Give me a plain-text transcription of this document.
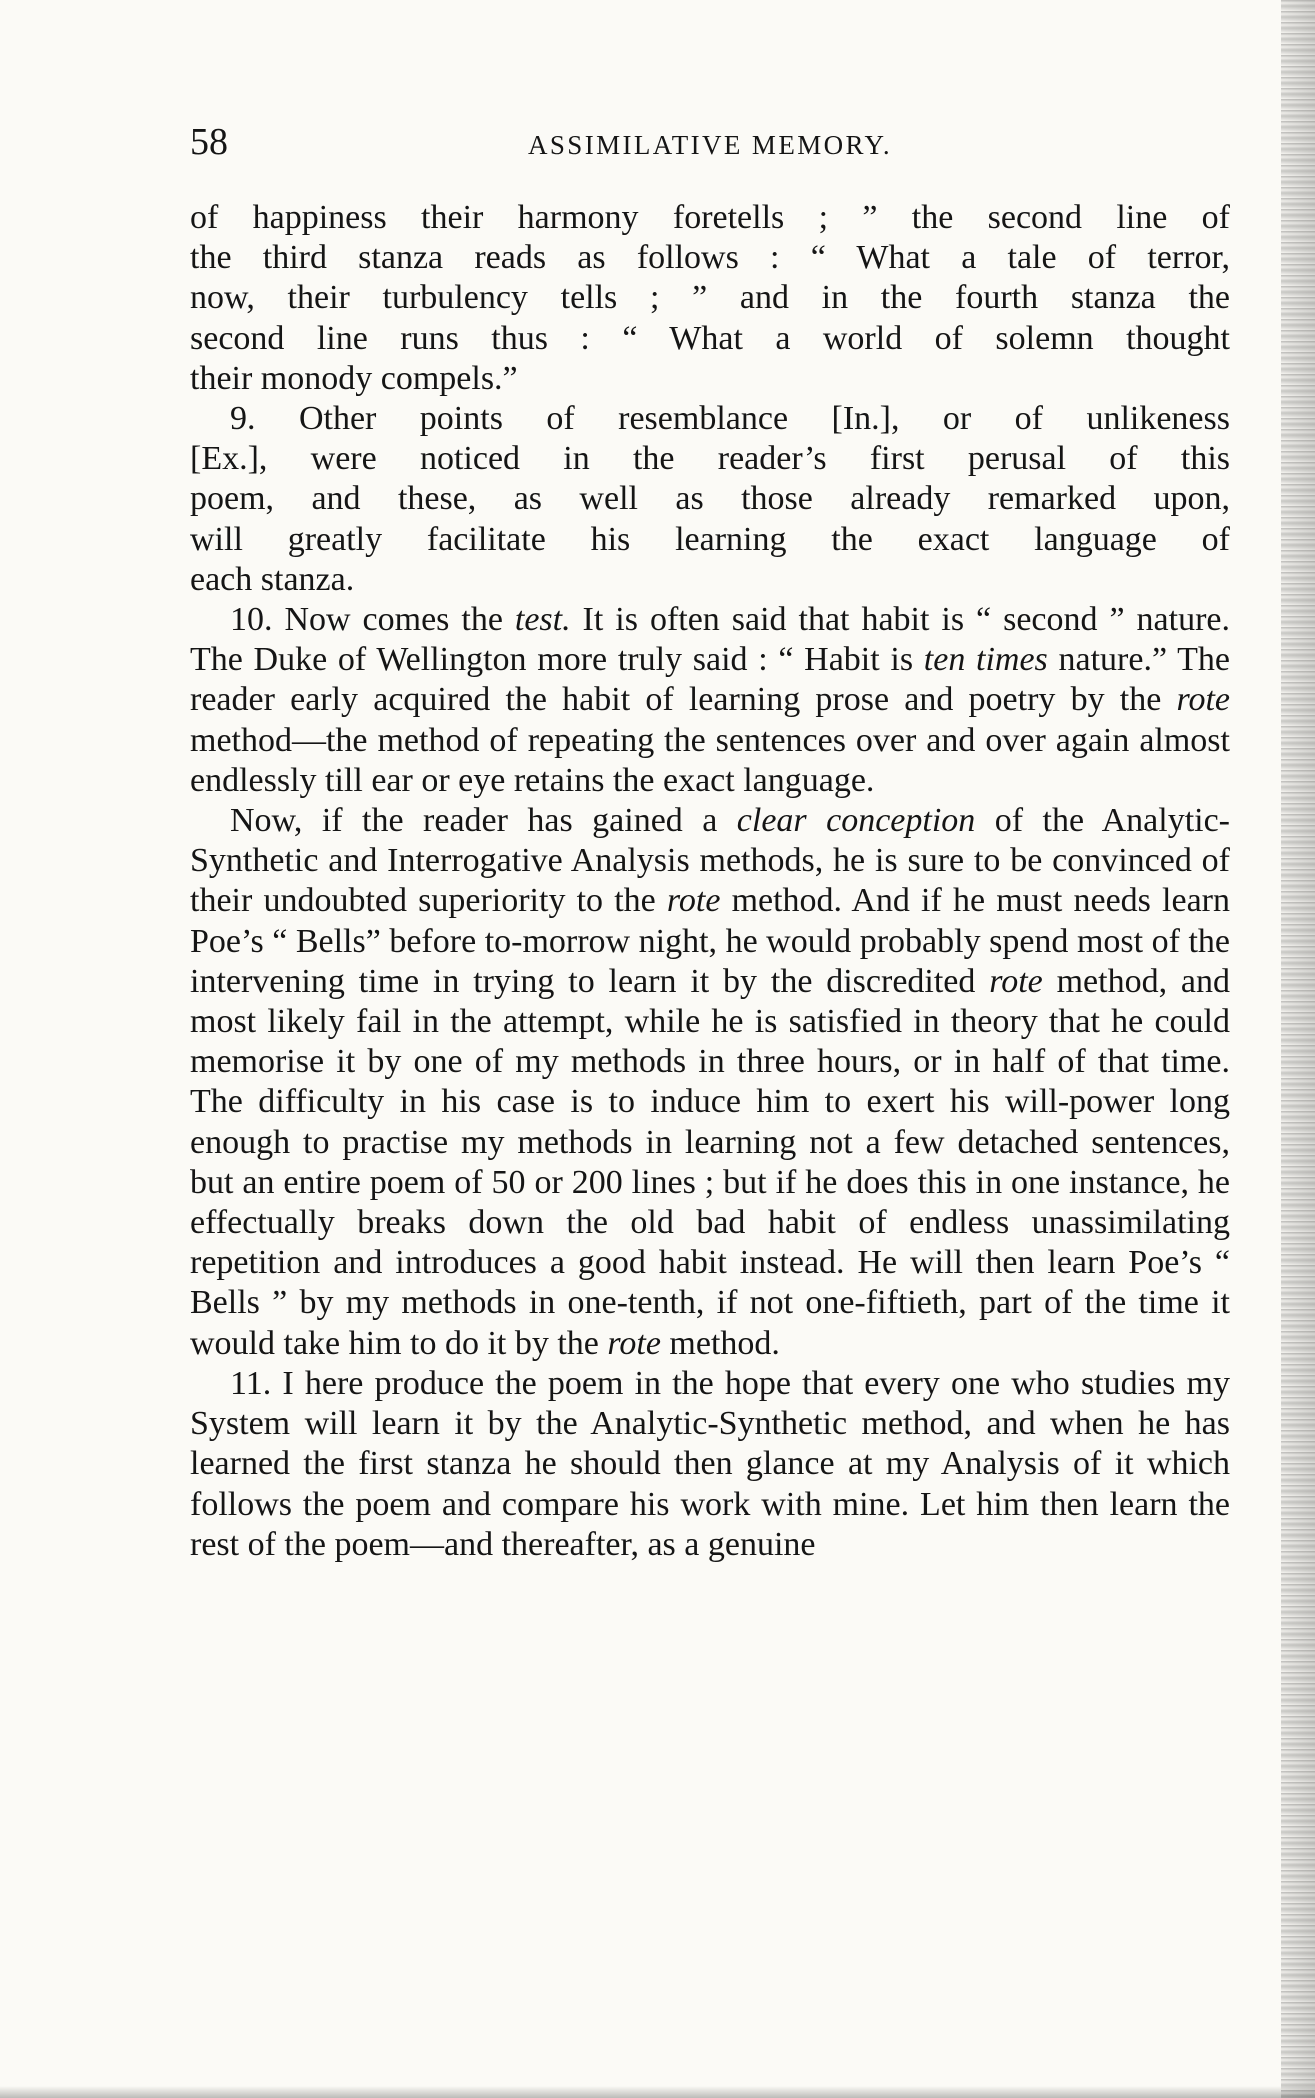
58	ASSIMILATIVE MEMORY.

of happiness their harmony foretells ; ” the second line of
the third stanza reads as follows : “ What a tale of terror,
now, their turbulency tells ; ” and in the fourth stanza the
second line runs thus : “ What a world of solemn thought
their monody compels.”

9. Other points of resemblance [In.], or of unlikeness
[Ex.], were noticed in the reader’s first perusal of this
poem, and these, as well as those already remarked upon,
will greatly facilitate his learning the exact language of
each stanza.

10. Now comes the test. It is often said that habit is “ second ” nature. The Duke of Wellington more truly said : “ Habit is ten times nature.” The reader early acquired the habit of learning prose and poetry by the rote method—the method of repeating the sentences over and over again almost endlessly till ear or eye retains the exact language.

Now, if the reader has gained a clear conception of the Analytic-Synthetic and Interrogative Analysis methods, he is sure to be convinced of their undoubted superiority to the rote method. And if he must needs learn Poe’s “ Bells” before to-morrow night, he would probably spend most of the intervening time in trying to learn it by the discredited rote method, and most likely fail in the attempt, while he is satisfied in theory that he could memorise it by one of my methods in three hours, or in half of that time. The difficulty in his case is to induce him to exert his will-power long enough to practise my methods in learning not a few detached sentences, but an entire poem of 50 or 200 lines ; but if he does this in one instance, he effectually breaks down the old bad habit of endless unassimilating repetition and introduces a good habit instead. He will then learn Poe’s “ Bells ” by my methods in one-tenth, if not one-fiftieth, part of the time it would take him to do it by the rote method.

11. I here produce the poem in the hope that every one who studies my System will learn it by the Analytic-Synthetic method, and when he has learned the first stanza he should then glance at my Analysis of it which follows the poem and compare his work with mine. Let him then learn the rest of the poem—and thereafter, as a genuine
